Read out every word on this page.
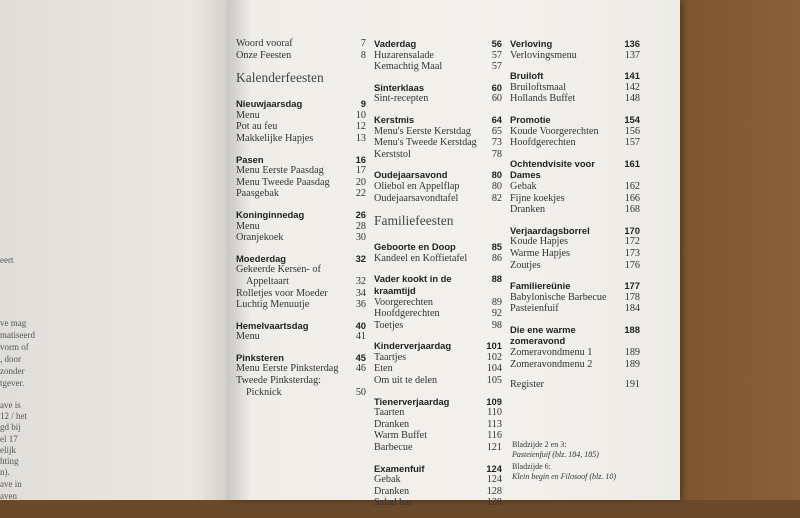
eert
ve mag
matiseerd
vorm of
, door
zonder
tgever.
ave is
12 / het
gd bij
el 17
elijk
hting
n).
ave in
aven
Woord vooraf	7
Onze Feesten	8
Kalenderfeesten
Nieuwjaarsdag	9
Menu	10
Pot au feu	12
Makkelijke Hapjes	13
Pasen	16
Menu Eerste Paasdag	17
Menu Tweede Paasdag	20
Paasgebak	22
Koninginnedag	26
Menu	28
Oranjekoek	30
Moederdag	32
Gekeerde Kersen- of
Appeltaart	32
Rolletjes voor Moeder	34
Luchtig Menuutje	36
Hemelvaartsdag	40
Menu	41
Pinksteren	45
Menu Eerste Pinksterdag	46
Tweede Pinksterdag:
Picknick	50
Vaderdag	56
Huzarensalade	57
Kemachtig Maal	57
Sinterklaas	60
Sint-recepten	60
Kerstmis	64
Menu's Eerste Kerstdag	65
Menu's Tweede Kerstdag	73
Kerststol	78
Oudejaarsavond	80
Oliebol en Appelflap	80
Oudejaarsavondtafel	82
Familiefeesten
Geboorte en Doop	85
Kandeel en Koffietafel	86
Vader kookt in de kraamtijd
88
Voorgerechten	89
Hoofdgerechten	92
Toetjes	98
Kinderverjaardag	101
Taartjes	102
Eten	104
Om uit te delen	105
Tienerverjaardag	109
Taarten	110
Dranken	113
Warm Buffet	116
Barbecue	121
Examenfuif	124
Gebak	124
Dranken	128
Salad bar	128
Verloving	136
Verlovingsmenu	137
Bruiloft	141
Bruiloftsmaal	142
Hollands Buffet	148
Promotie	154
Koude Voorgerechten	156
Hoofdgerechten	157
Ochtendvisite voor Dames
161
Gebak	162
Fijne koekjes	166
Dranken	168
Verjaardagsborrel	170
Koude Hapjes	172
Warme Hapjes	173
Zoutjes	176
Familiereünie	177
Babylonische Barbecue	178
Pasteienfuif	184
Die ene warme zomeravond
188
Zomeravondmenu 1	189
Zomeravondmenu 2	189
Register	191
Bladzijde 2 en 3:
Pasteienfuif (blz. 184, 185)
Bladzijde 6:
Klein begin en Filosoof (blz. 10)
